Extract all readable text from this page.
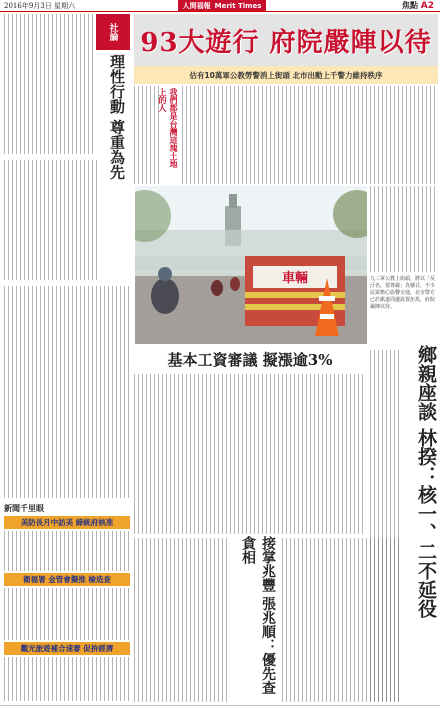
2016年9月3日 星期六	人間福報 Merit Times	焦點 A2
社論
理性行動 尊重為先
新聞千里眼
美防長月中訪美 締統府核准
衛福署 金管會擬推 檢造查
觀光旅遊補合速審 促拚經濟
93大遊行 府院嚴陣以待
估有10萬軍公教勞警消上街頭 北市出動上千警力維持秩序
我們都是台灣這塊土地上的人
車輛	九三軍公教上街頭，將以「反汙名、要尊嚴」為號召，不少民眾擔心影響交通，北市警方已於凱道周邊設置拒馬，府院嚴陣以待。
基本工資審議 擬漲逾3%
接掌兆豐 張兆順：優先查貪相	鄉親座談 林揆：核一、二不延役
